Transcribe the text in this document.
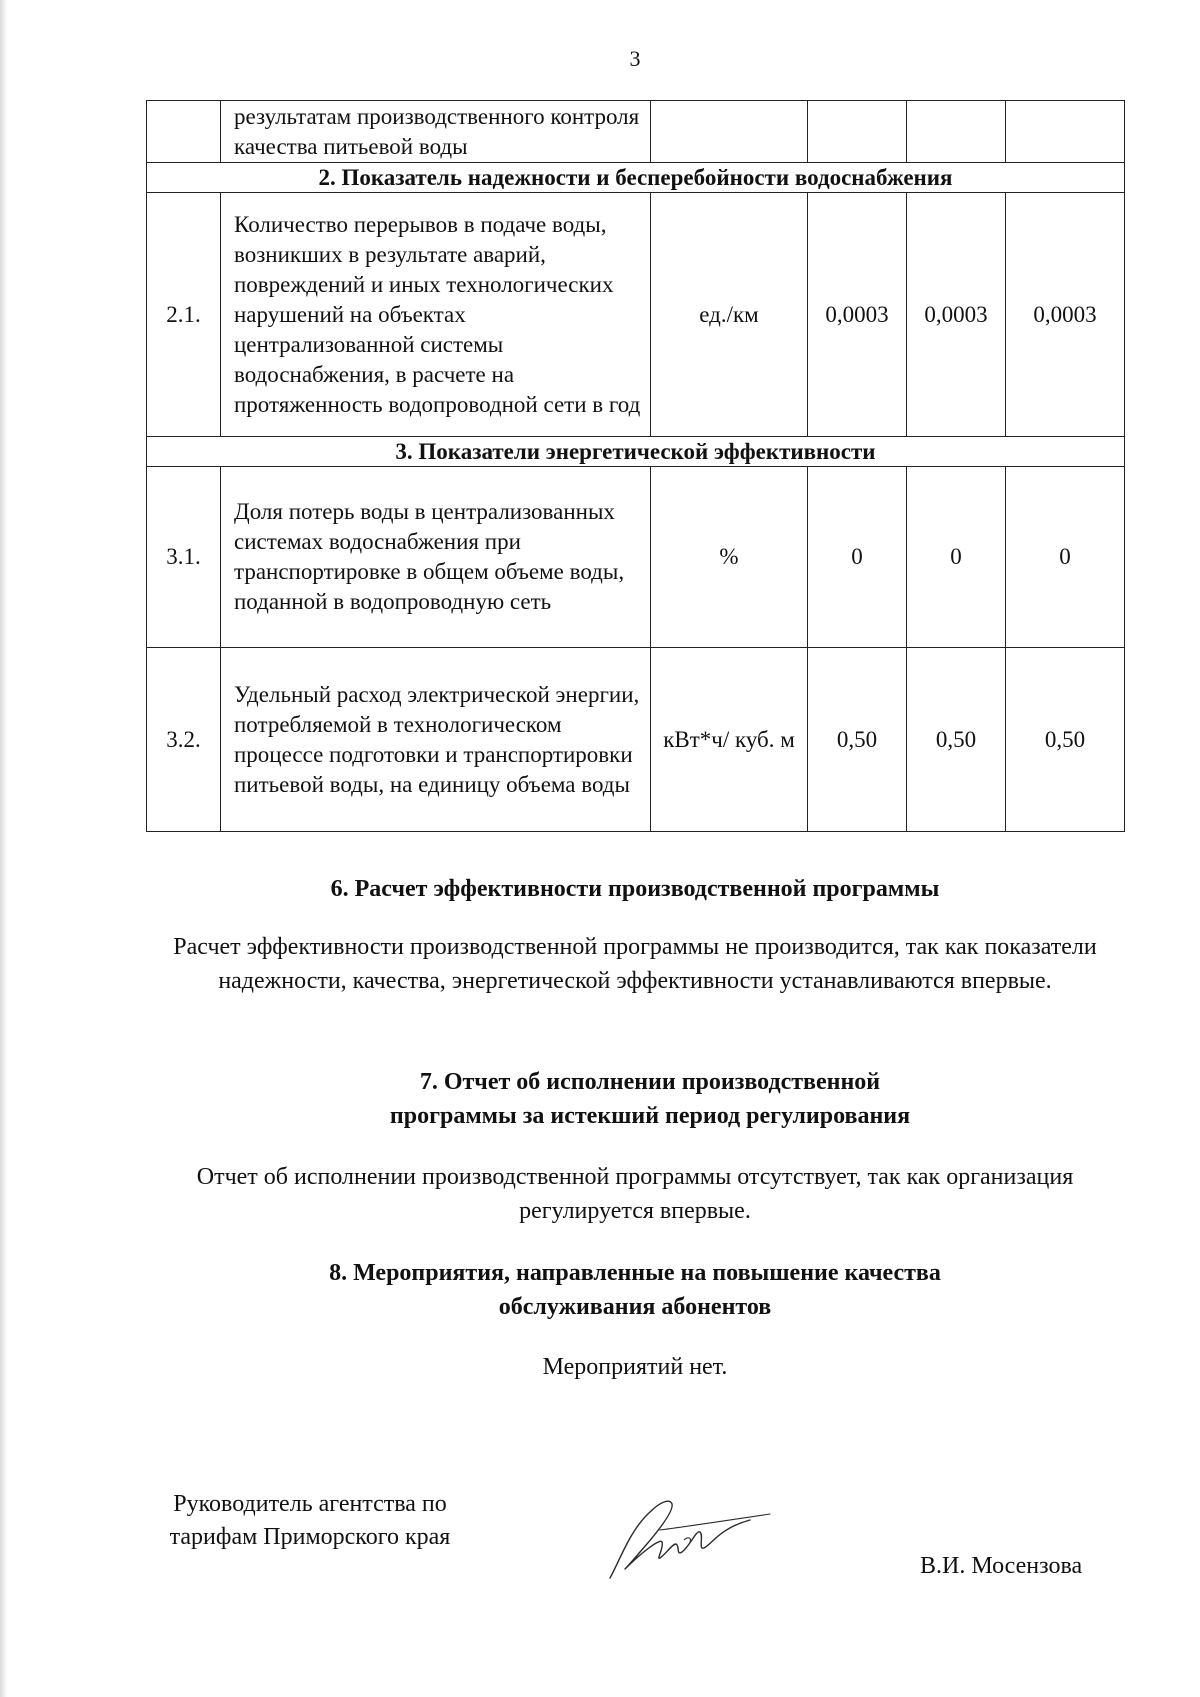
3
	результатам производственного контроля качества питьевой воды				
2. Показатель надежности и бесперебойности водоснабжения					
2.1.	Количество перерывов в подаче воды, возникших в результате аварий, повреждений и иных технологических нарушений на объектах централизованной системы водоснабжения, в расчете на протяженность водопроводной сети в год	ед./км	0,0003	0,0003	0,0003
3. Показатели энергетической эффективности					
3.1.	Доля потерь воды в централизованных системах водоснабжения при транспортировке в общем объеме воды, поданной в водопроводную сеть	%	0	0	0
3.2.	Удельный расход электрической энергии, потребляемой в технологическом процессе подготовки и транспортировки питьевой воды, на единицу объема воды	кВт*ч/ куб. м	0,50	0,50	0,50
6. Расчет эффективности производственной программы
Расчет эффективности производственной программы не производится, так как показатели надежности, качества, энергетической эффективности устанавливаются впервые.
7. Отчет об исполнении производственной программы за истекший период регулирования
Отчет об исполнении производственной программы отсутствует, так как организация регулируется впервые.
8. Мероприятия, направленные на повышение качества обслуживания абонентов
Мероприятий нет.
Руководитель агентства по тарифам Приморского края
В.И. Мосензова
